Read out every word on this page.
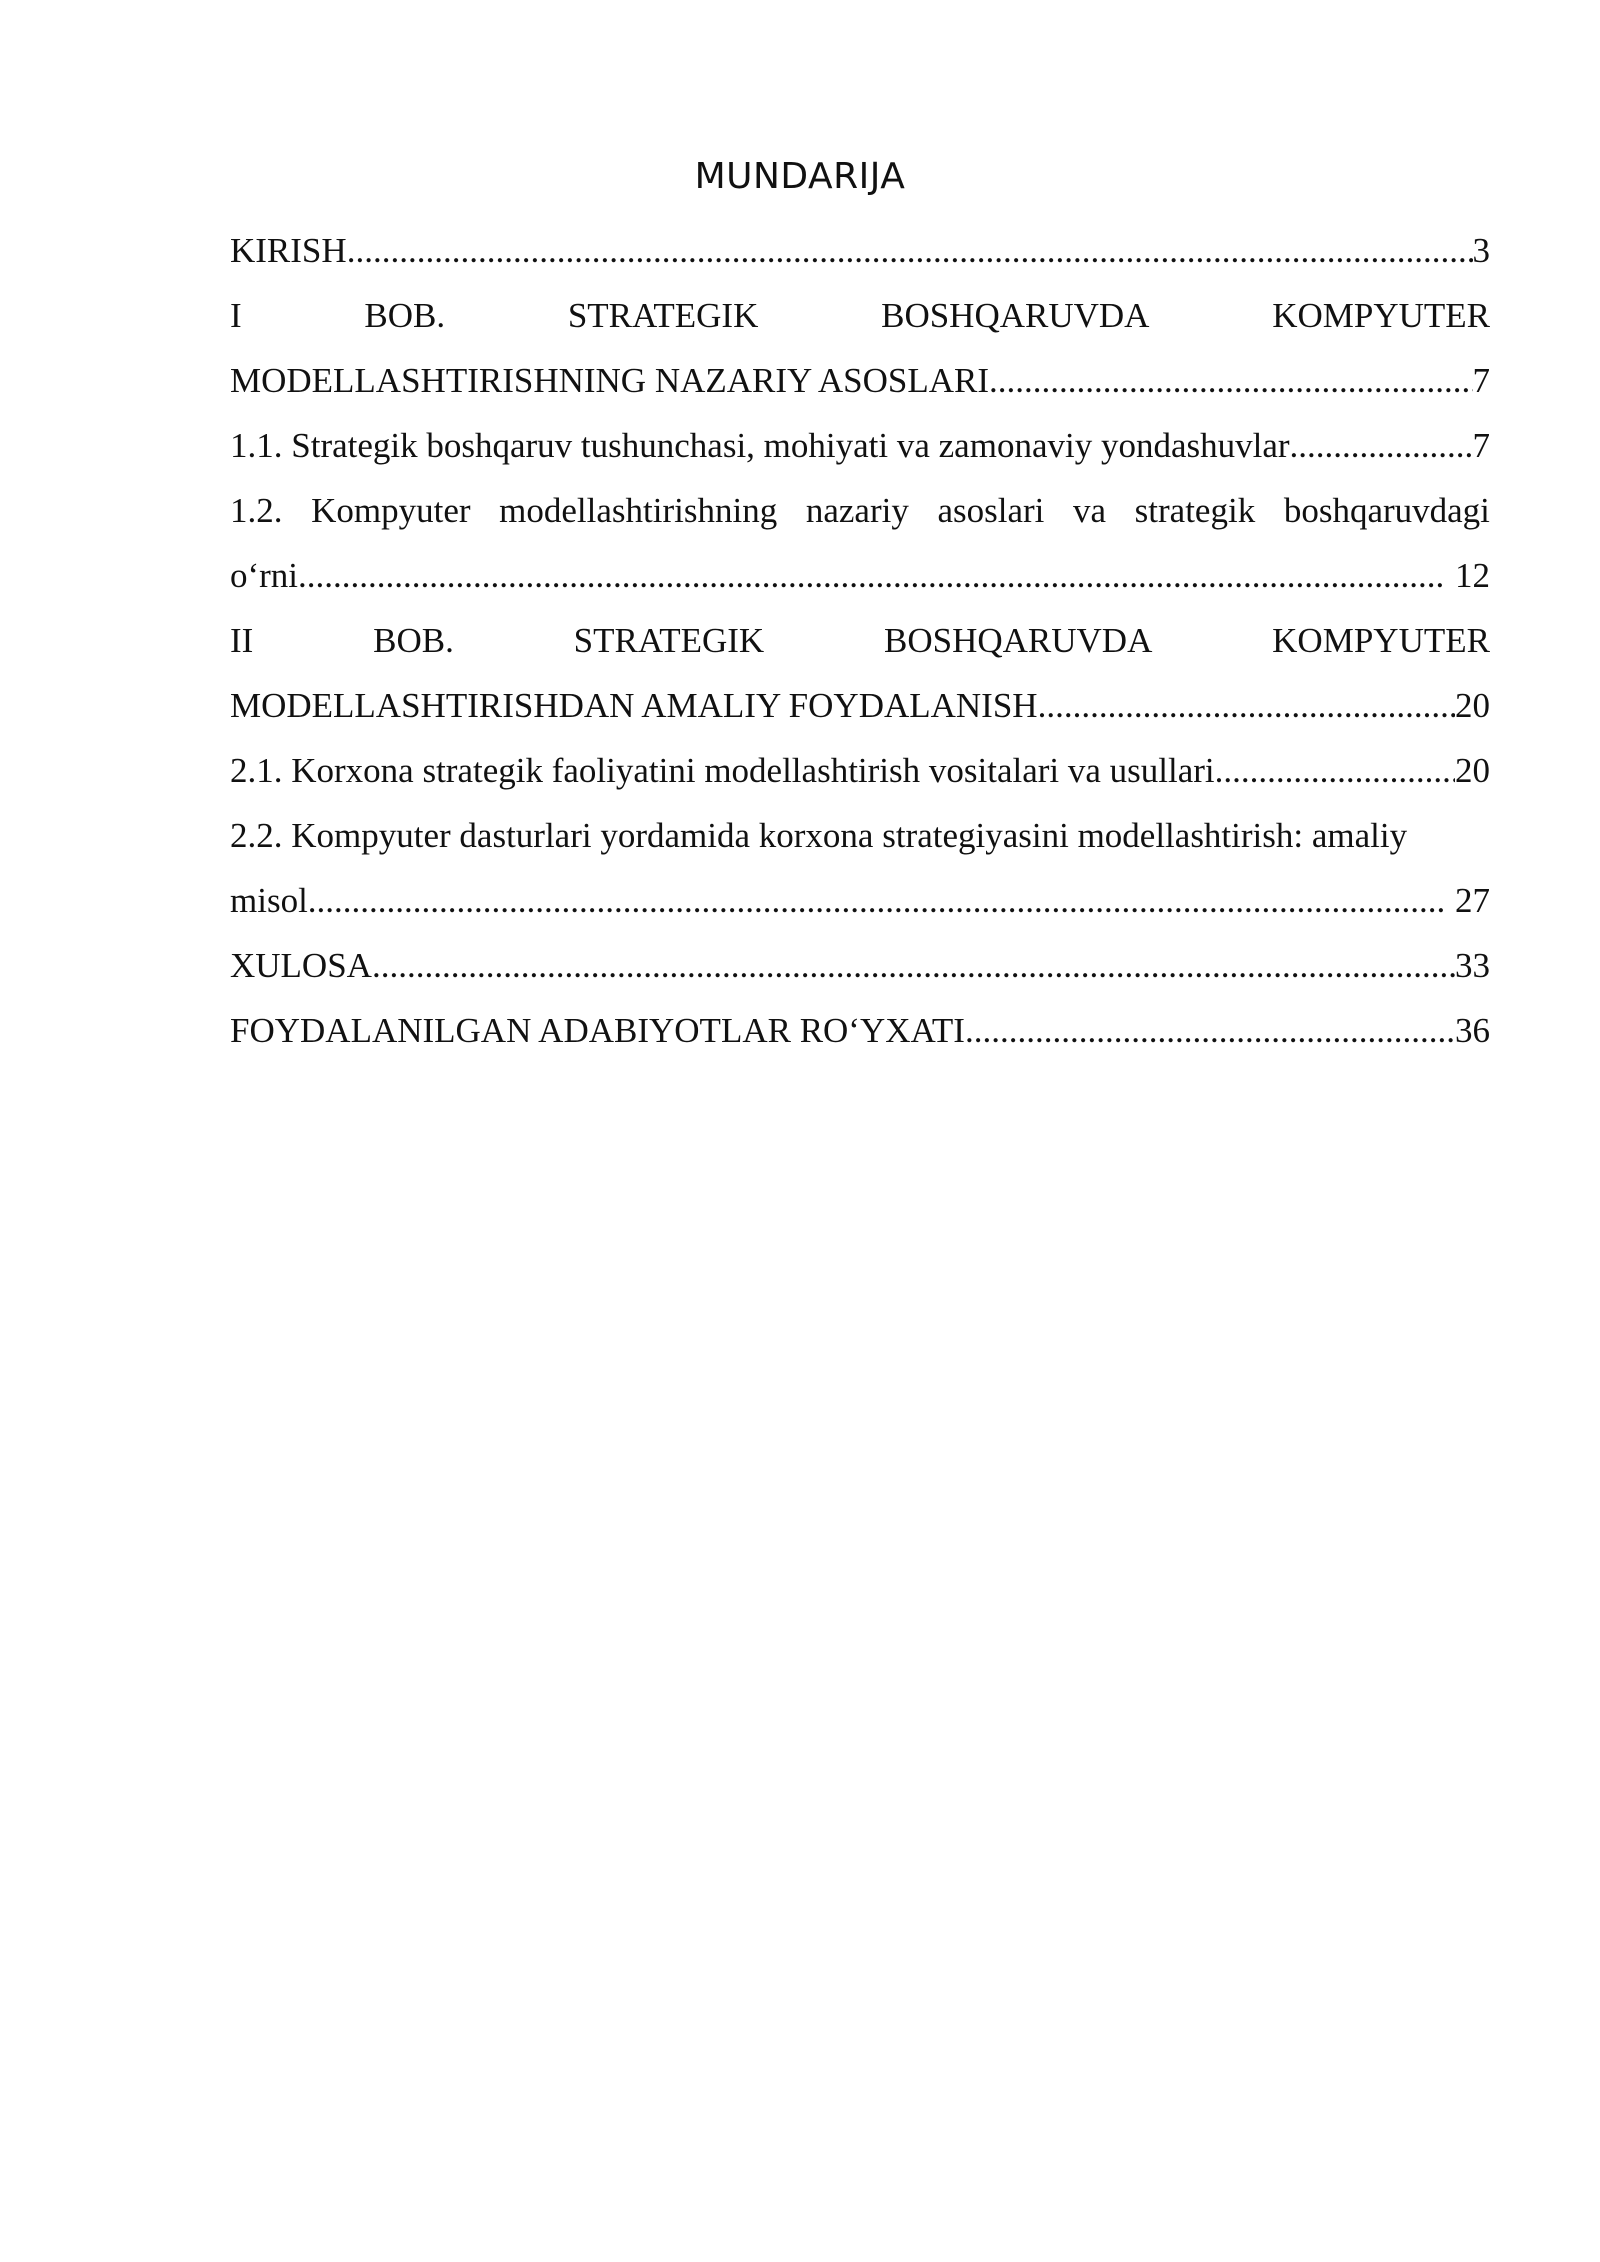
MUNDARIJA
KIRISH .....	3
I	BOB.	STRATEGIK	BOSHQARUVDA	KOMPYUTER
MODELLASHTIRISHNING NAZARIY ASOSLARI .....	7
1.1. Strategik boshqaruv tushunchasi, mohiyati va zamonaviy yondashuvlar .....	7
1.2. Kompyuter modellashtirishning nazariy asoslari va strategik boshqaruvdagi
o‘rni .....	12
II	BOB.	STRATEGIK	BOSHQARUVDA	KOMPYUTER
MODELLASHTIRISHDAN AMALIY FOYDALANISH .....	20
2.1. Korxona strategik faoliyatini modellashtirish vositalari va usullari .....	20
2.2. Kompyuter dasturlari yordamida korxona strategiyasini modellashtirish: amaliy
misol .....	27
XULOSA .....	33
FOYDALANILGAN ADABIYOTLAR RO‘YXATI .....	36
